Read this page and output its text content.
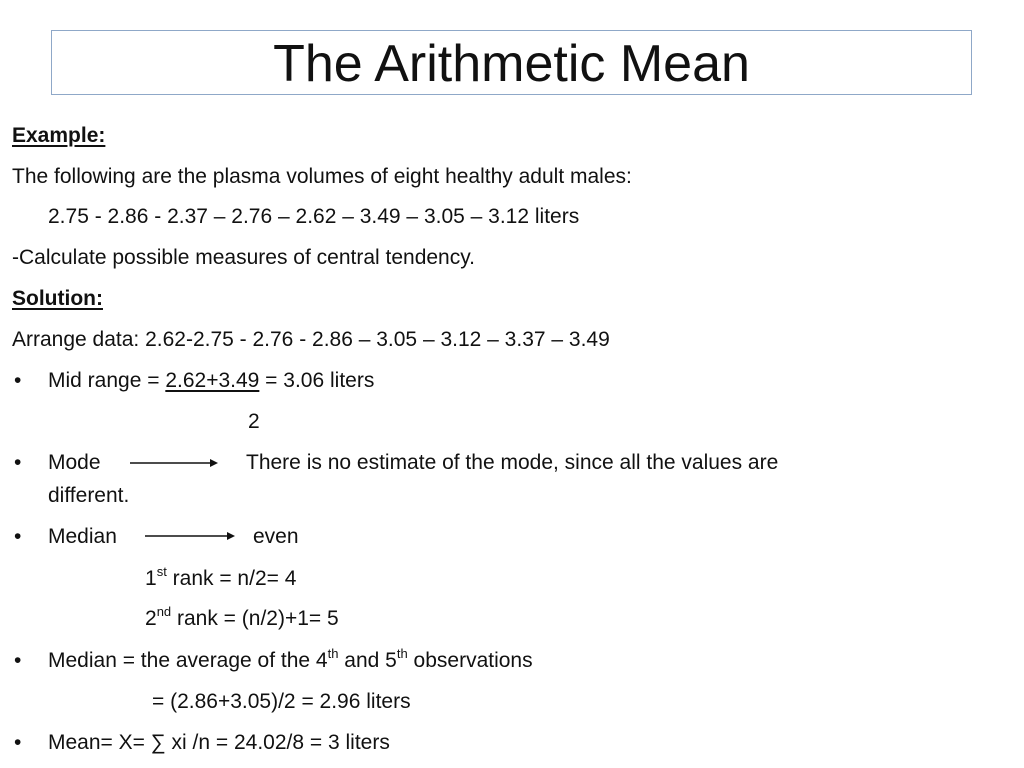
The Arithmetic Mean
Example:
The following are the plasma volumes of eight healthy adult males:
2.75 - 2.86 - 2.37 – 2.76 – 2.62 – 3.49 – 3.05 – 3.12 liters
-Calculate possible measures of central tendency.
Solution:
Arrange data: 2.62-2.75 - 2.76 - 2.86 – 3.05 – 3.12 – 3.37 – 3.49
• Mid range = 2.62+3.49 = 3.06 liters
2
• Mode	There is no estimate of the mode, since all the values are
different.
• Median	even
1st rank = n/2= 4
2nd rank = (n/2)+1= 5
• Median = the average of the 4th and 5th observations
= (2.86+3.05)/2 = 2.96 liters
• Mean= X= ∑ xi /n = 24.02/8 = 3 liters
